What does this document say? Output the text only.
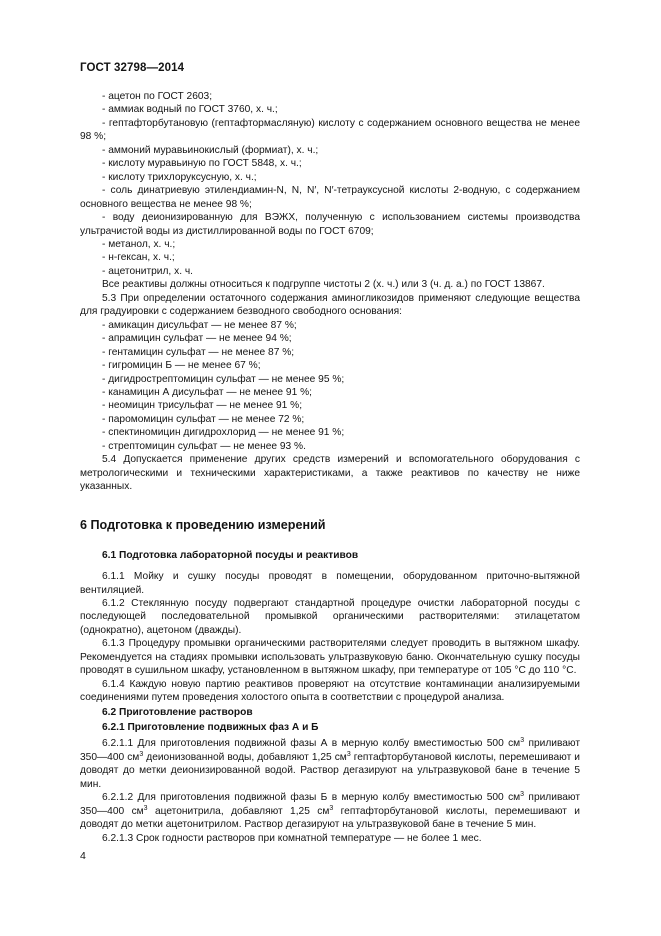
ГОСТ 32798—2014

- ацетон по ГОСТ 2603;

- аммиак водный по ГОСТ 3760, х. ч.;

- гептафторбутановую (гептафтормасляную) кислоту с содержанием основного вещества не менее 98 %;

- аммоний муравьинокислый (формиат), х. ч.;

- кислоту муравьиную по ГОСТ 5848, х. ч.;

- кислоту трихлоруксусную, х. ч.;

- соль динатриевую этилендиамин-N, N, N′, N′-тетрауксусной кислоты 2-водную, с содержанием основного вещества не менее 98 %;

- воду деионизированную для ВЭЖХ, полученную с использованием системы производства ультрачистой воды из дистиллированной воды по ГОСТ 6709;

- метанол, х. ч.;

- н-гексан, х. ч.;

- ацетонитрил, х. ч.

Все реактивы должны относиться к подгруппе чистоты 2 (х. ч.) или 3 (ч. д. а.) по ГОСТ 13867.

5.3 При определении остаточного содержания аминогликозидов применяют следующие вещества для градуировки с содержанием безводного свободного основания:

- амикацин дисульфат — не менее 87 %;

- апрамицин сульфат — не менее 94 %;

- гентамицин сульфат — не менее 87 %;

- гигромицин Б — не менее 67 %;

- дигидрострептомицин сульфат — не менее 95 %;

- канамицин А дисульфат — не менее 91 %;

- неомицин трисульфат — не менее 91 %;

- паромомицин сульфат — не менее 72 %;

- спектиномицин дигидрохлорид — не менее 91 %;

- стрептомицин сульфат — не менее 93 %.

5.4 Допускается применение других средств измерений и вспомогательного оборудования с метрологическими и техническими характеристиками, а также реактивов по качеству не ниже указанных.

6 Подготовка к проведению измерений

6.1 Подготовка лабораторной посуды и реактивов

6.1.1 Мойку и сушку посуды проводят в помещении, оборудованном приточно-вытяжной вентиляцией.

6.1.2 Стеклянную посуду подвергают стандартной процедуре очистки лабораторной посуды с последующей последовательной промывкой органическими растворителями: этилацетатом (однократно), ацетоном (дважды).

6.1.3 Процедуру промывки органическими растворителями следует проводить в вытяжном шкафу. Рекомендуется на стадиях промывки использовать ультразвуковую баню. Окончательную сушку посуды проводят в сушильном шкафу, установленном в вытяжном шкафу, при температуре от 105 °С до 110 °С.

6.1.4 Каждую новую партию реактивов проверяют на отсутствие контаминации анализируемыми соединениями путем проведения холостого опыта в соответствии с процедурой анализа.

6.2 Приготовление растворов

6.2.1 Приготовление подвижных фаз А и Б

6.2.1.1 Для приготовления подвижной фазы А в мерную колбу вместимостью 500 $см^3$ приливают 350—400 $см^3$ деионизованной воды, добавляют 1,25 $см^3$ гептафторбутановой кислоты, перемешивают и доводят до метки деионизированной водой. Раствор дегазируют на ультразвуковой бане в течение 5 мин.

6.2.1.2 Для приготовления подвижной фазы Б в мерную колбу вместимостью 500 $см^3$ приливают 350—400 $см^3$ ацетонитрила, добавляют 1,25 $см^3$ гептафторбутановой кислоты, перемешивают и доводят до метки ацетонитрилом. Раствор дегазируют на ультразвуковой бане в течение 5 мин.

6.2.1.3 Срок годности растворов при комнатной температуре — не более 1 мес.

4
